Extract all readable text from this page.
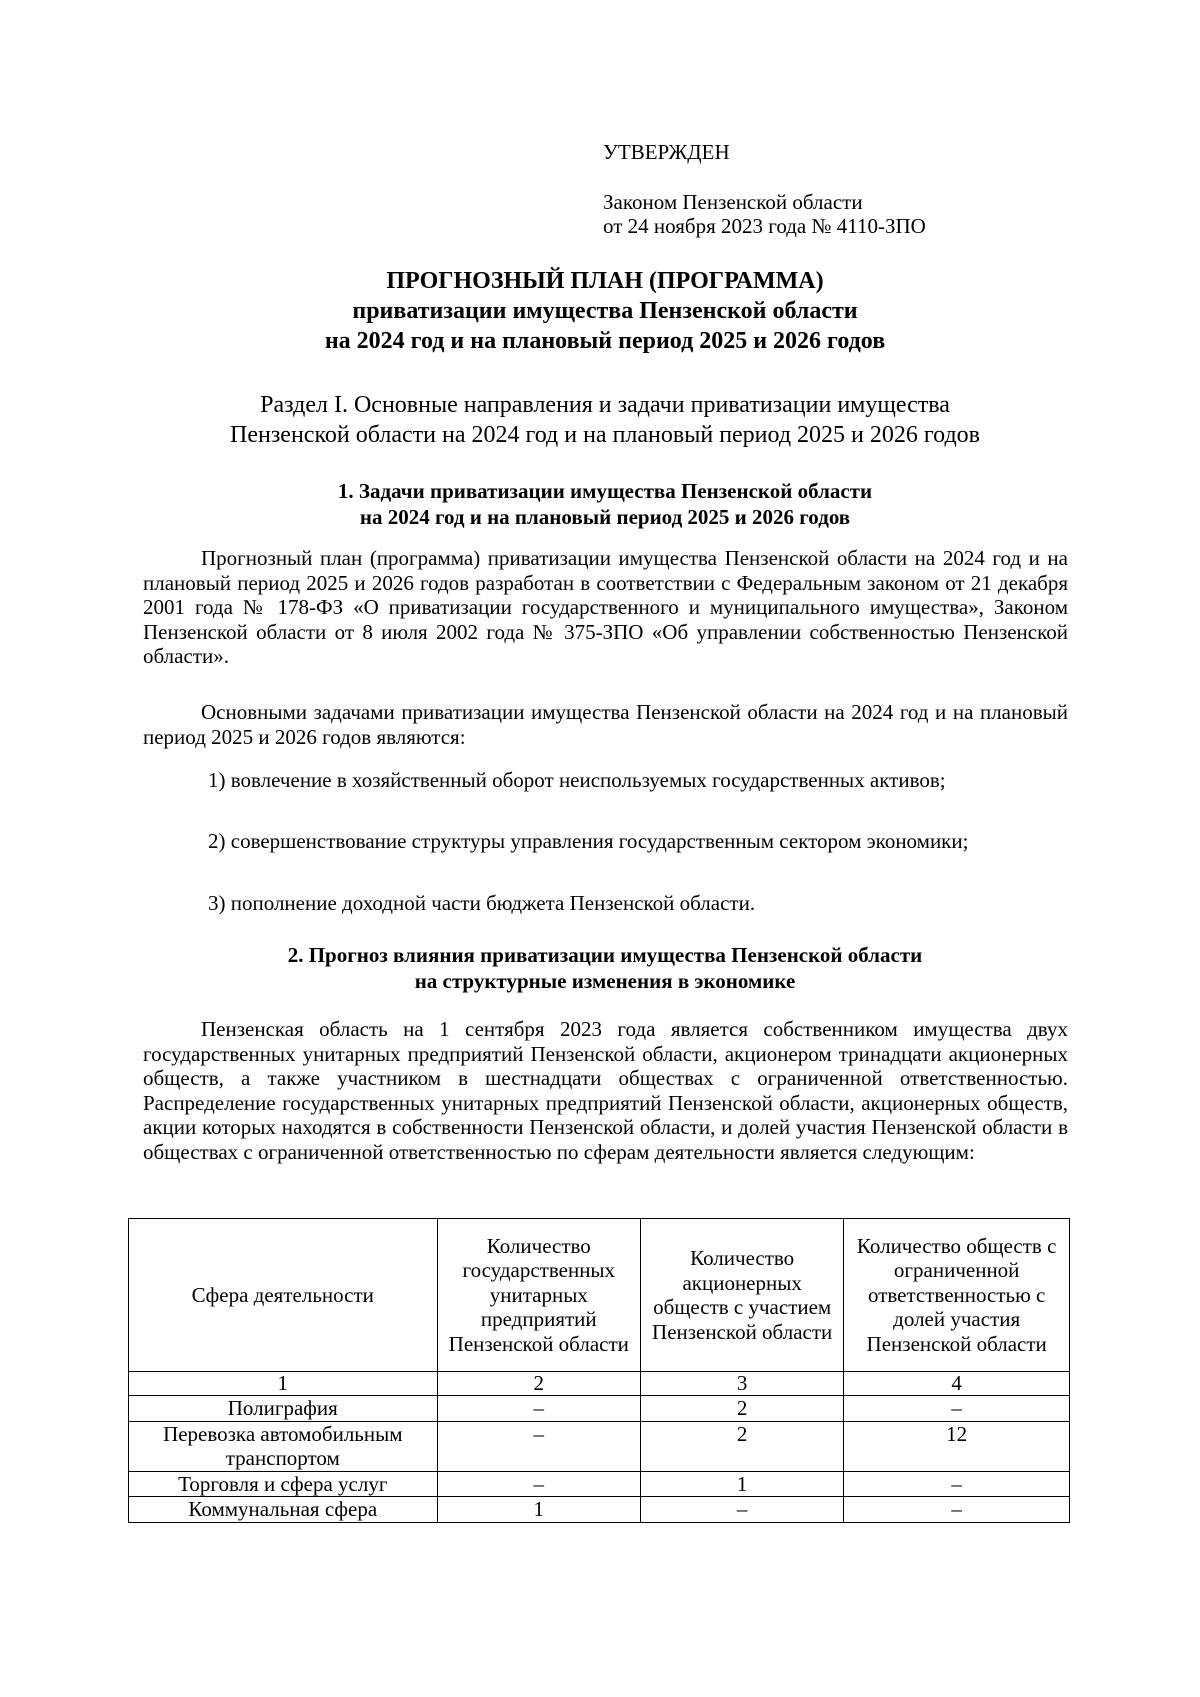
УТВЕРЖДЕН
Законом Пензенской области
от 24 ноября 2023 года № 4110-ЗПО
ПРОГНОЗНЫЙ ПЛАН (ПРОГРАММА)
приватизации имущества Пензенской области
на 2024 год и на плановый период 2025 и 2026 годов
Раздел I. Основные направления и задачи приватизации имущества
Пензенской области на 2024 год и на плановый период 2025 и 2026 годов
1. Задачи приватизации имущества Пензенской области
на 2024 год и на плановый период 2025 и 2026 годов

Прогнозный план (программа) приватизации имущества Пензенской области на 2024 год и на плановый период 2025 и 2026 годов разработан в соответствии с Федеральным законом от 21 декабря 2001 года № 178-ФЗ «О приватизации государственного и муниципального имущества», Законом Пензенской области от 8 июля 2002 года № 375-ЗПО «Об управлении собственностью Пензенской области».

Основными задачами приватизации имущества Пензенской области на 2024 год и на плановый период 2025 и 2026 годов являются:

1) вовлечение в хозяйственный оборот неиспользуемых государственных активов;

2) совершенствование структуры управления государственным сектором экономики;

3) пополнение доходной части бюджета Пензенской области.

2. Прогноз влияния приватизации имущества Пензенской области
на структурные изменения в экономике

Пензенская область на 1 сентября 2023 года является собственником имущества двух государственных унитарных предприятий Пензенской области, акционером тринадцати акционерных обществ, а также участником в шестнадцати обществах с ограниченной ответственностью. Распределение государственных унитарных предприятий Пензенской области, акционерных обществ, акции которых находятся в собственности Пензенской области, и долей участия Пензенской области в обществах с ограниченной ответственностью по сферам деятельности является следующим:

Сфера деятельности	Количество государственных унитарных предприятий Пензенской области	Количество акционерных обществ с участием Пензенской области	Количество обществ с ограниченной ответственностью с долей участия Пензенской области
1	2	3	4
Полиграфия	–	2	–
Перевозка автомобильным транспортом	–	2	12
Торговля и сфера услуг	–	1	–
Коммунальная сфера	1	–	–
